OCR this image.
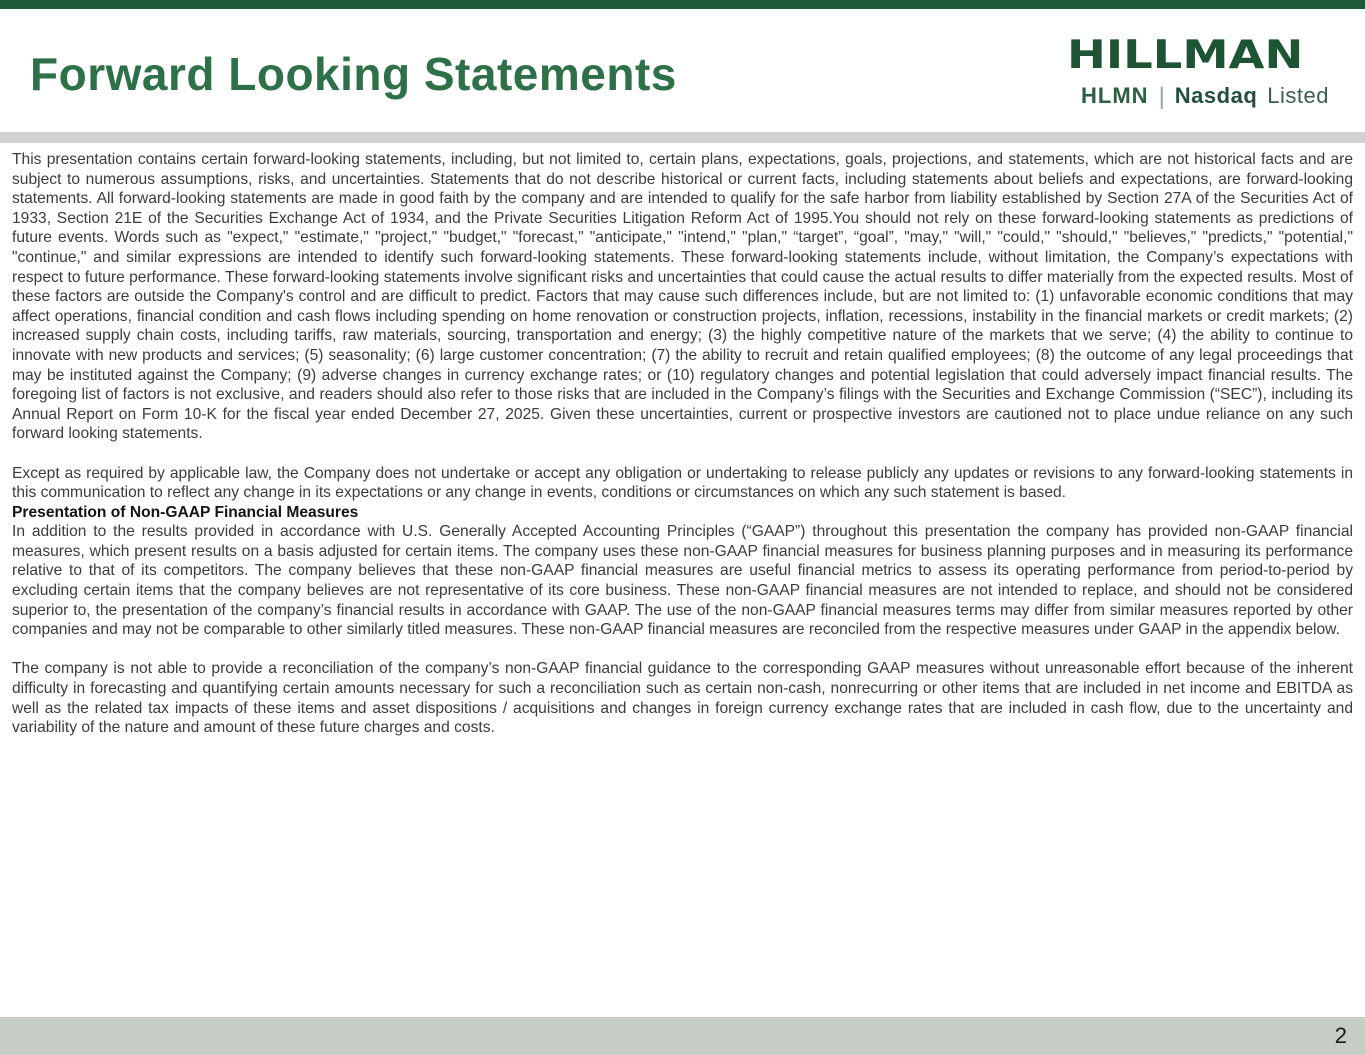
Forward Looking Statements	HILLMAN
HLMN | Nasdaq Listed

This presentation contains certain forward-looking statements, including, but not limited to, certain plans, expectations, goals, projections, and statements, which are not historical facts and are subject to numerous assumptions, risks, and uncertainties. Statements that do not describe historical or current facts, including statements about beliefs and expectations, are forward-looking statements. All forward-looking statements are made in good faith by the company and are intended to qualify for the safe harbor from liability established by Section 27A of the Securities Act of 1933, Section 21E of the Securities Exchange Act of 1934, and the Private Securities Litigation Reform Act of 1995.You should not rely on these forward-looking statements as predictions of future events. Words such as "expect," "estimate," "project," "budget," "forecast," "anticipate," "intend," "plan," “target”, “goal”, "may," "will," "could," "should," "believes," "predicts," "potential," "continue," and similar expressions are intended to identify such forward-looking statements. These forward-looking statements include, without limitation, the Company’s expectations with respect to future performance. These forward-looking statements involve significant risks and uncertainties that could cause the actual results to differ materially from the expected results. Most of these factors are outside the Company's control and are difficult to predict. Factors that may cause such differences include, but are not limited to: (1) unfavorable economic conditions that may affect operations, financial condition and cash flows including spending on home renovation or construction projects, inflation, recessions, instability in the financial markets or credit markets; (2) increased supply chain costs, including tariffs, raw materials, sourcing, transportation and energy; (3) the highly competitive nature of the markets that we serve; (4) the ability to continue to innovate with new products and services; (5) seasonality; (6) large customer concentration; (7) the ability to recruit and retain qualified employees; (8) the outcome of any legal proceedings that may be instituted against the Company; (9) adverse changes in currency exchange rates; or (10) regulatory changes and potential legislation that could adversely impact financial results. The foregoing list of factors is not exclusive, and readers should also refer to those risks that are included in the Company’s filings with the Securities and Exchange Commission (“SEC”), including its Annual Report on Form 10-K for the fiscal year ended December 27, 2025. Given these uncertainties, current or prospective investors are cautioned not to place undue reliance on any such forward looking statements.

Except as required by applicable law, the Company does not undertake or accept any obligation or undertaking to release publicly any updates or revisions to any forward-looking statements in this communication to reflect any change in its expectations or any change in events, conditions or circumstances on which any such statement is based.

Presentation of Non-GAAP Financial Measures

In addition to the results provided in accordance with U.S. Generally Accepted Accounting Principles (“GAAP”) throughout this presentation the company has provided non-GAAP financial measures, which present results on a basis adjusted for certain items. The company uses these non-GAAP financial measures for business planning purposes and in measuring its performance relative to that of its competitors. The company believes that these non-GAAP financial measures are useful financial metrics to assess its operating performance from period-to-period by excluding certain items that the company believes are not representative of its core business. These non-GAAP financial measures are not intended to replace, and should not be considered superior to, the presentation of the company’s financial results in accordance with GAAP. The use of the non-GAAP financial measures terms may differ from similar measures reported by other companies and may not be comparable to other similarly titled measures. These non-GAAP financial measures are reconciled from the respective measures under GAAP in the appendix below.

The company is not able to provide a reconciliation of the company’s non-GAAP financial guidance to the corresponding GAAP measures without unreasonable effort because of the inherent difficulty in forecasting and quantifying certain amounts necessary for such a reconciliation such as certain non-cash, nonrecurring or other items that are included in net income and EBITDA as well as the related tax impacts of these items and asset dispositions / acquisitions and changes in foreign currency exchange rates that are included in cash flow, due to the uncertainty and variability of the nature and amount of these future charges and costs.

2
